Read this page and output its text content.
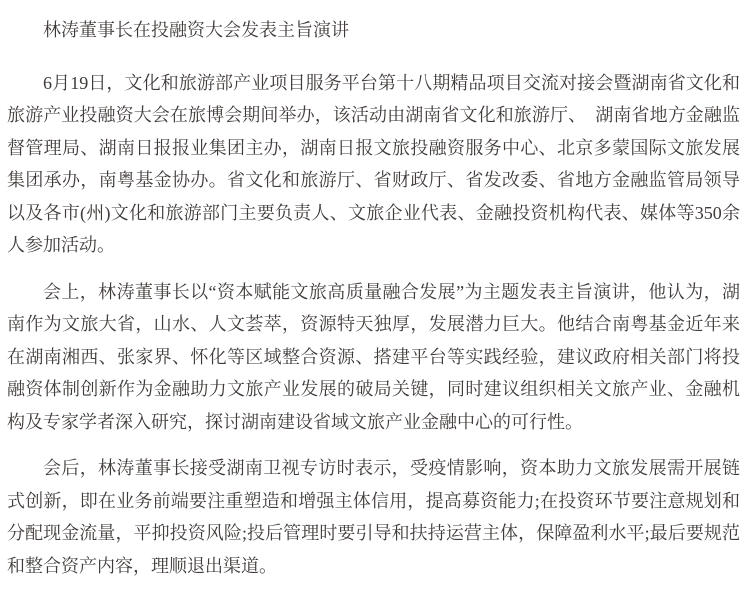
林涛董事长在投融资大会发表主旨演讲

6月19日，文化和旅游部产业项目服务平台第十八期精品项目交流对接会暨湖南省文化和旅游产业投融资大会在旅博会期间举办，该活动由湖南省文化和旅游厅、　湖南省地方金融监督管理局、湖南日报报业集团主办，湖南日报文旅投融资服务中心、北京多蒙国际文旅发展集团承办，南粤基金协办。省文化和旅游厅、省财政厅、省发改委、省地方金融监管局领导以及各市(州)文化和旅游部门主要负责人、文旅企业代表、金融投资机构代表、媒体等350余人参加活动。

会上，林涛董事长以“资本赋能文旅高质量融合发展”为主题发表主旨演讲，他认为，湖南作为文旅大省，山水、人文荟萃，资源特天独厚，发展潜力巨大。他结合南粤基金近年来在湖南湘西、张家界、怀化等区域整合资源、搭建平台等实践经验，建议政府相关部门将投融资体制创新作为金融助力文旅产业发展的破局关键，同时建议组织相关文旅产业、金融机构及专家学者深入研究，探讨湖南建设省域文旅产业金融中心的可行性。

会后，林涛董事长接受湖南卫视专访时表示，受疫情影响，资本助力文旅发展需开展链式创新，即在业务前端要注重塑造和增强主体信用，提高募资能力;在投资环节要注意规划和分配现金流量，平抑投资风险;投后管理时要引导和扶持运营主体，保障盈利水平;最后要规范和整合资产内容，理顺退出渠道。
